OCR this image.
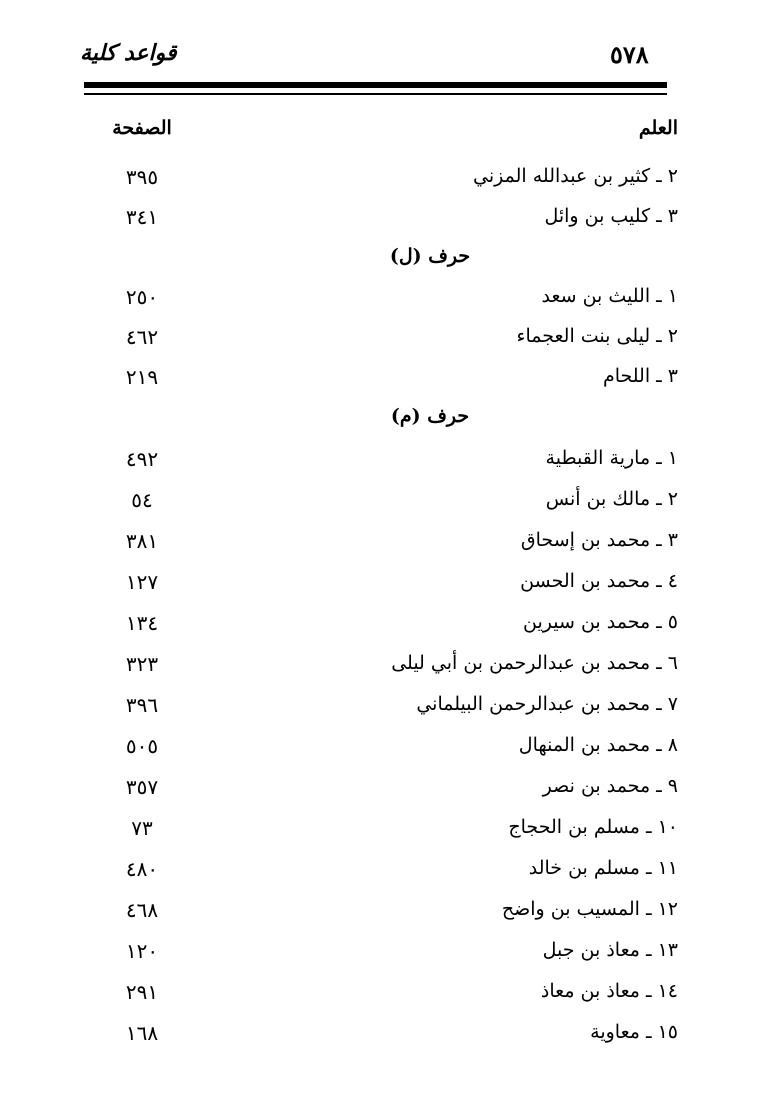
٥٧٨
قواعد كلية
العلم
الصفحة
٢ ـ كثير بن عبدالله المزني
٣٩٥
٣ ـ كليب بن وائل
٣٤١
حرف (ل)
١ ـ الليث بن سعد
٢٥٠
٢ ـ ليلى بنت العجماء
٤٦٢
٣ ـ اللحام
٢١٩
حرف (م)
١ ـ مارية القبطية
٤٩٢
٢ ـ مالك بن أنس
٥٤
٣ ـ محمد بن إسحاق
٣٨١
٤ ـ محمد بن الحسن
١٢٧
٥ ـ محمد بن سيرين
١٣٤
٦ ـ محمد بن عبدالرحمن بن أبي ليلى
٣٢٣
٧ ـ محمد بن عبدالرحمن البيلماني
٣٩٦
٨ ـ محمد بن المنهال
٥٠٥
٩ ـ محمد بن نصر
٣٥٧
١٠ ـ مسلم بن الحجاج
٧٣
١١ ـ مسلم بن خالد
٤٨٠
١٢ ـ المسيب بن واضح
٤٦٨
١٣ ـ معاذ بن جبل
١٢٠
١٤ ـ معاذ بن معاذ
٢٩١
١٥ ـ معاوية
١٦٨
